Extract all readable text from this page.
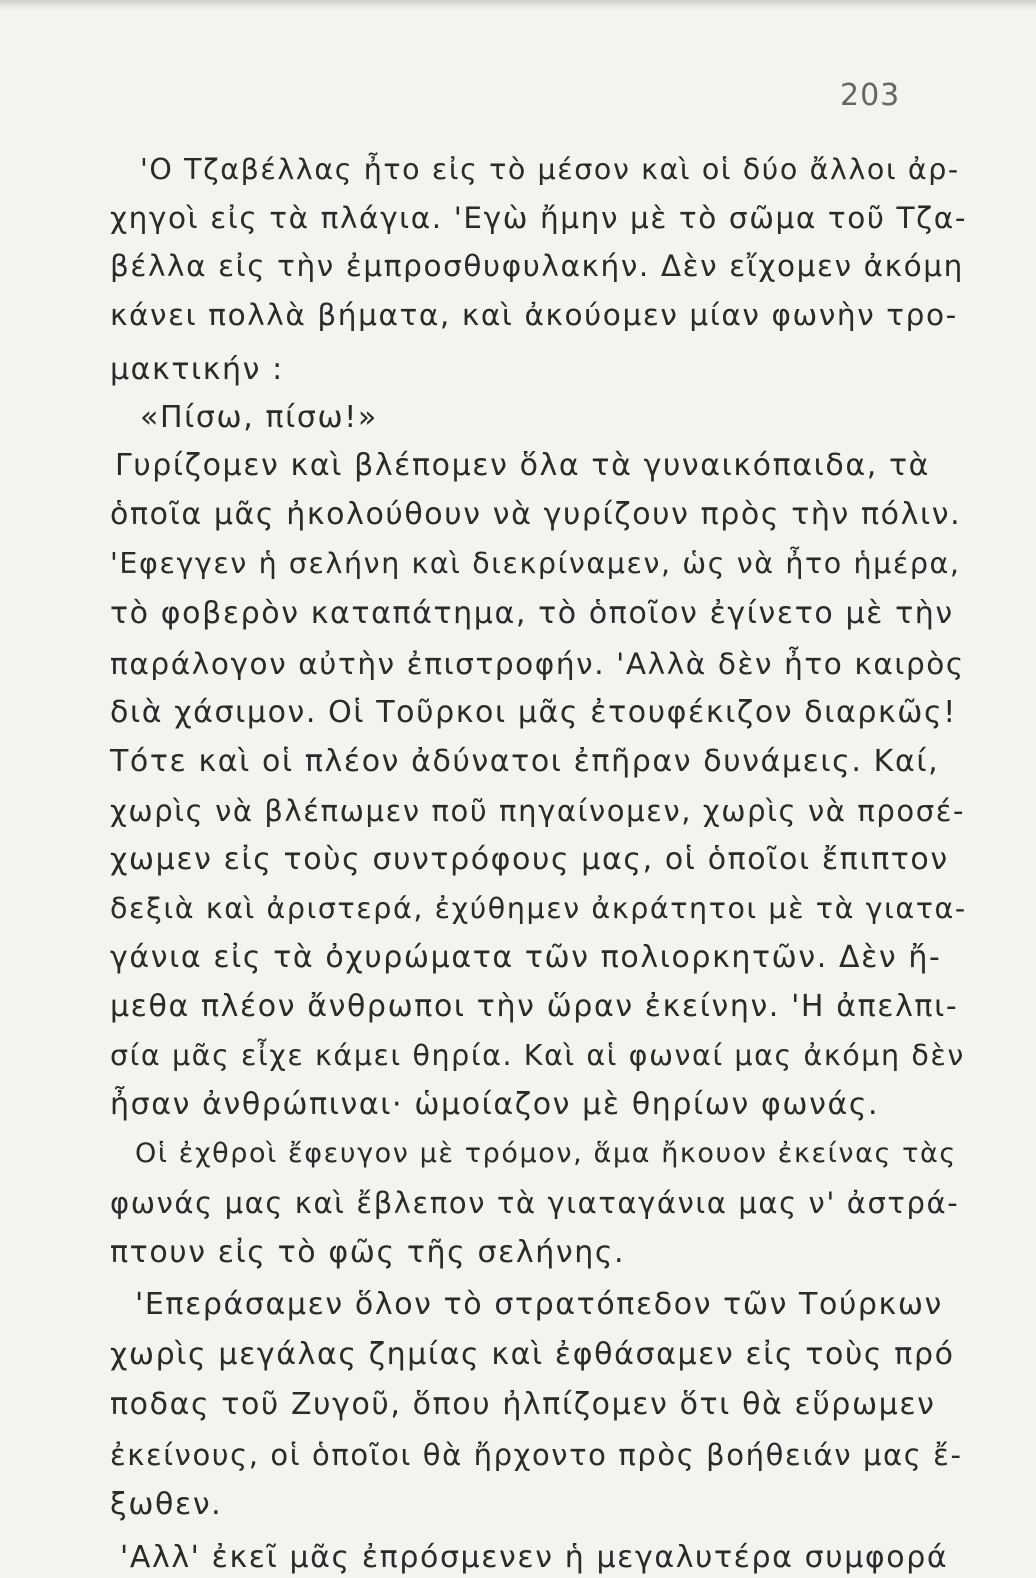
203
'Ο Τζαβέλλας ἦτο εἰς τὸ μέσον καὶ οἱ δύο ἄλλοι ἀρ-
χηγοὶ εἰς τὰ πλάγια. 'Εγὼ ἤμην μὲ τὸ σῶμα τοῦ Τζα-
βέλλα εἰς τὴν ἐμπροσθυφυλακήν. Δὲν εἴχομεν ἀκόμη
κάνει πολλὰ βήματα, καὶ ἀκούομεν μίαν φωνὴν τρο-
μακτικήν :
«Πίσω, πίσω!»
Γυρίζομεν καὶ βλέπομεν ὅλα τὰ γυναικόπαιδα, τὰ
ὁποῖα μᾶς ἠκολούθουν νὰ γυρίζουν πρὸς τὴν πόλιν.
'Εφεγγεν ἡ σελήνη καὶ διεκρίναμεν, ὡς νὰ ἦτο ἡμέρα,
τὸ φοβερὸν καταπάτημα, τὸ ὁποῖον ἐγίνετο μὲ τὴν
παράλογον αὐτὴν ἐπιστροφήν. 'Αλλὰ δὲν ἦτο καιρὸς
διὰ χάσιμον. Οἱ Τοῦρκοι μᾶς ἐτουφέκιζον διαρκῶς!
Τότε καὶ οἱ πλέον ἀδύνατοι ἐπῆραν δυνάμεις. Καί,
χωρὶς νὰ βλέπωμεν ποῦ πηγαίνομεν, χωρὶς νὰ προσέ-
χωμεν εἰς τοὺς συντρόφους μας, οἱ ὁποῖοι ἔπιπτον
δεξιὰ καὶ ἀριστερά, ἐχύθημεν ἀκράτητοι μὲ τὰ γιατα-
γάνια εἰς τὰ ὀχυρώματα τῶν πολιορκητῶν. Δὲν ἤ-
μεθα πλέον ἄνθρωποι τὴν ὥραν ἐκείνην. 'Η ἀπελπι-
σία μᾶς εἶχε κάμει θηρία. Καὶ αἱ φωναί μας ἀκόμη δὲν
ἦσαν ἀνθρώπιναι· ὡμοίαζον μὲ θηρίων φωνάς.
Οἱ ἐχθροὶ ἔφευγον μὲ τρόμον, ἅμα ἤκουον ἐκείνας τὰς
φωνάς μας καὶ ἔβλεπον τὰ γιαταγάνια μας ν' ἀστρά-
πτουν εἰς τὸ φῶς τῆς σελήνης.
'Επεράσαμεν ὅλον τὸ στρατόπεδον τῶν Τούρκων
χωρὶς μεγάλας ζημίας καὶ ἐφθάσαμεν εἰς τοὺς πρό
ποδας τοῦ Ζυγοῦ, ὅπου ἠλπίζομεν ὅτι θὰ εὕρωμεν
ἐκείνους, οἱ ὁποῖοι θὰ ἤρχοντο πρὸς βοήθειάν μας ἔ-
ξωθεν.
'Αλλ' ἐκεῖ μᾶς ἐπρόσμενεν ἡ μεγαλυτέρα συμφορά
